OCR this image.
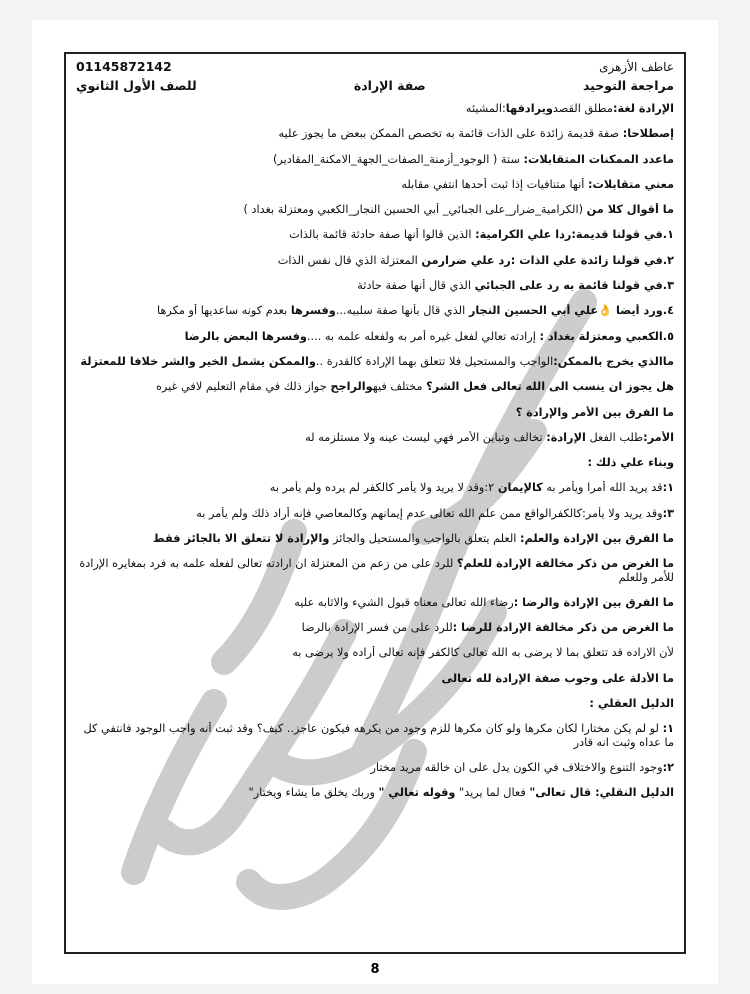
عاطف الأزهرى
01145872142
مراجعة التوحيد
صفة الإرادة
للصف الأول الثانوي
الإرادة لغة:مطلق القصدويرادفها:المشيئه
إصطلاحا: صفة قديمة زائدة على الذات قائمة به تخصص الممكن ببعض ما يجوز عليه
ماعدد الممكنات المتقابلات: ستة ( الوجود_أزمنة_الصفات_الجهة_الامكنة_المقادير)
معني متقابلات: أنها متنافيات إذا ثبت أحدها انتفي مقابله
ما أقوال كلا من (الكرامية_ضرار_على الجبائي_ أبي الحسين النجار_الكعبي ومعتزلة بغداد )
١.في قولنا قديمة:ردا علي الكرامية: الذين قالوا أنها صفة حادثة قائمة بالذات
٢.في قولنا زائدة علي الذات :رد علي ضرارمن المعتزلة الذي قال نفس الذات
٣.في قولنا قائمة به رد على الجبائي الذي قال أنها صفة حادثة
٤.ورد أيضا 👌علي أبي الحسين النجار الذي قال بأنها صفة سلبيه...وفسرها بعدم كونه ساعديها أو مكرها
٥.الكعبي ومعتزلة بغداد : إرادته تعالي لفعل غيره أمر به ولفعله علمه به ....وفسرها البعض بالرضا
ماالذي يخرج بالممكن:الواجب والمستحيل فلا تتعلق بهما الإرادة كالقدرة ..والممكن يشمل الخير والشر خلافا للمعتزلة
هل يجوز ان ينسب الى الله تعالى فعل الشر؟ مختلف فيهوالراجح جواز ذلك في مقام التعليم لافي غيره
ما الفرق بين الأمر والإرادة ؟
الأمر:طلب الفعل الإرادة: تخالف وتباين الأمر فهي ليست عينه ولا مستلزمه له
وبناء علي ذلك :
١:قد يريد الله أمرا ويأمر به كالإيمان ٢:وقد لا يريد ولا يأمر كالكفر لم يرده ولم يأمر به
٣:وقد يريد ولا يأمر:كالكفرالواقع ممن علم الله تعالى عدم إيمانهم وكالمعاصي فإنه أراد ذلك ولم يأمر به
ما الفرق بين الإرادة والعلم: العلم يتعلق بالواجب والمستحيل والجائز والإرادة لا تتعلق الا بالجائز فقط
ما الغرض من ذكر مخالفة الإرادة للعلم؟ للرد على من زعم من المعتزلة ان ارادته تعالى لفعله علمه به فرد بمغايره الإرادة للأمر وللعلم
ما الفرق بين الإرادة والرضا :رضاء الله تعالى معناه قبول الشيء والاثابه عليه
ما الغرض من ذكر مخالفة الإرادة للرضا :للرد على من فسر الإرادة بالرضا
لأن الاراده قد تتعلق بما لا يرضى به الله تعالى كالكفر فإنه تعالى أراده ولا يرضى به
ما الأدلة على وجوب صفة الإرادة لله تعالى
الدليل العقلي :
١: لو لم يكن مختارا لكان مكرها ولو كان مكرها للزم وجود من يكرهه فيكون عاجز.. كيف؟ وقد ثبت أنه واجب الوجود فانتفي كل ما عداه وثبت انه قادر
٢:وجود التنوع والاختلاف في الكون يدل على ان خالقه مريد مختار
الدليل النقلي: قال تعالى" فعال لما يريد" وقوله تعالي " وربك يخلق ما يشاء ويختار"
8
